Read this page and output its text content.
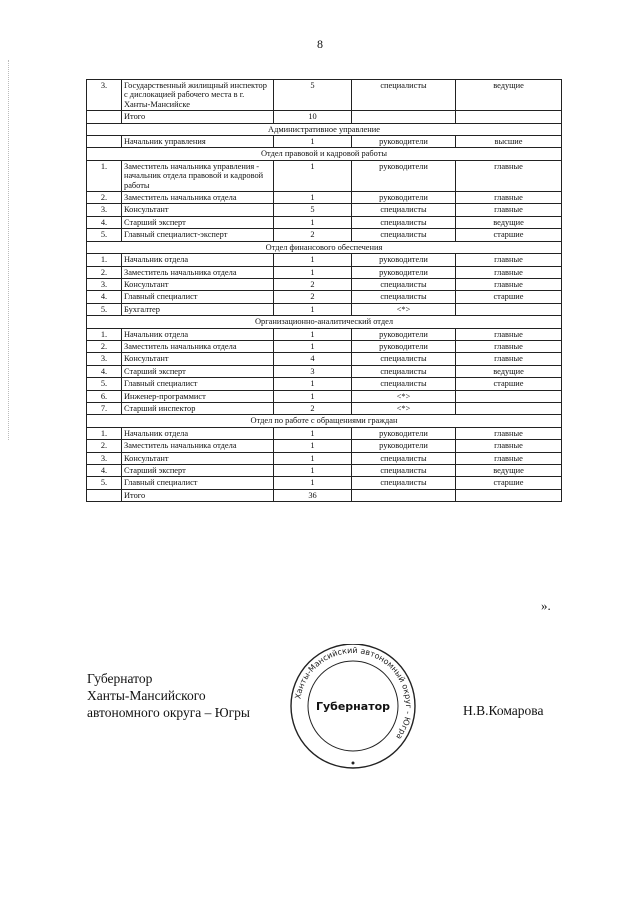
8
3.	Государственный жилищный инспектор с дислокацией рабочего места в г. Ханты-Мансийске	5	специалисты	ведущие
	Итого	10		
Административное управление				
	Начальник управления	1	руководители	высшие
Отдел правовой и кадровой работы				
1.	Заместитель начальника управления - начальник отдела правовой и кадровой работы	1	руководители	главные
2.	Заместитель начальника отдела	1	руководители	главные
3.	Консультант	5	специалисты	главные
4.	Старший эксперт	1	специалисты	ведущие
5.	Главный специалист-эксперт	2	специалисты	старшие
Отдел финансового обеспечения				
1.	Начальник отдела	1	руководители	главные
2.	Заместитель начальника отдела	1	руководители	главные
3.	Консультант	2	специалисты	главные
4.	Главный специалист	2	специалисты	старшие
5.	Бухгалтер	1	<*>	
Организационно-аналитический отдел				
1.	Начальник отдела	1	руководители	главные
2.	Заместитель начальника отдела	1	руководители	главные
3.	Консультант	4	специалисты	главные
4.	Старший эксперт	3	специалисты	ведущие
5.	Главный специалист	1	специалисты	старшие
6.	Инженер-программист	1	<*>	
7.	Старший инспектор	2	<*>	
Отдел по работе с обращениями граждан				
1.	Начальник отдела	1	руководители	главные
2.	Заместитель начальника отдела	1	руководители	главные
3.	Консультант	1	специалисты	главные
4.	Старший эксперт	1	специалисты	ведущие
5.	Главный специалист	1	специалисты	старшие
	Итого	36		
».
Губернатор
Ханты-Мансийского
автономного округа – Югры
Ханты-Мансийский автономный округ - Югра
Губернатор	Н.В.Комарова
